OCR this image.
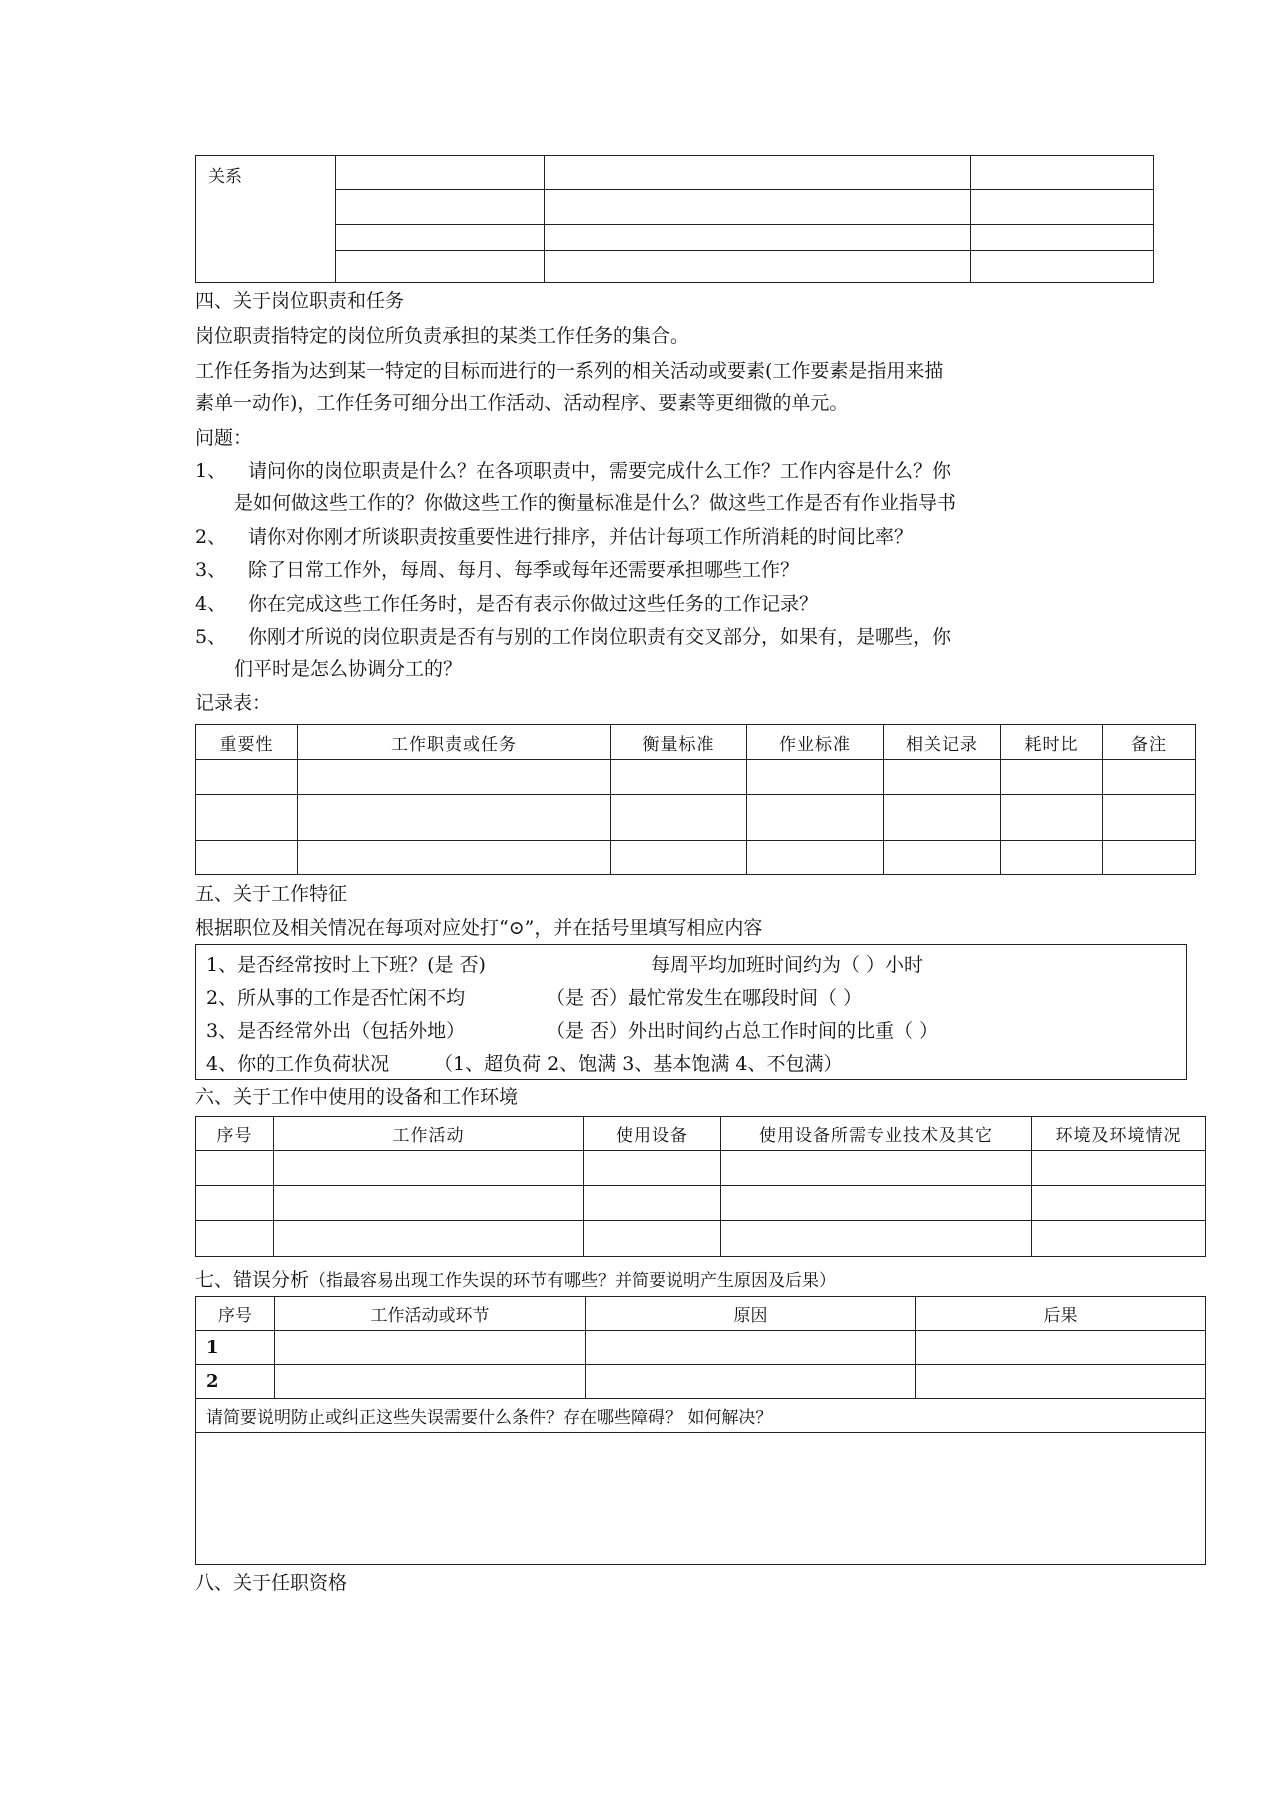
关系			

四、关于岗位职责和任务
岗位职责指特定的岗位所负责承担的某类工作任务的集合。
工作任务指为达到某一特定的目标而进行的一系列的相关活动或要素(工作要素是指用来描
素单一动作)，工作任务可细分出工作活动、活动程序、要素等更细微的单元。
问题：
1、 请问你的岗位职责是什么？在各项职责中，需要完成什么工作？工作内容是什么？你
是如何做这些工作的？你做这些工作的衡量标准是什么？做这些工作是否有作业指导书
2、 请你对你刚才所谈职责按重要性进行排序，并估计每项工作所消耗的时间比率？
3、 除了日常工作外，每周、每月、每季或每年还需要承担哪些工作？
4、 你在完成这些工作任务时，是否有表示你做过这些任务的工作记录？
5、 你刚才所说的岗位职责是否有与别的工作岗位职责有交叉部分，如果有，是哪些，你
们平时是怎么协调分工的？
记录表：
重要性	工作职责或任务	衡量标准	作业标准	相关记录	耗时比	备注

五、关于工作特征
根据职位及相关情况在每项对应处打“⊙”，并在括号里填写相应内容
1、是否经常按时上下班？(是 否)	每周平均加班时间约为（ ）小时
2、所从事的工作是否忙闲不均	（是 否）最忙常发生在哪段时间（ ）
3、是否经常外出（包括外地）	（是 否）外出时间约占总工作时间的比重（ ）
4、你的工作负荷状况 （1、超负荷 2、饱满 3、基本饱满 4、不包满）
六、关于工作中使用的设备和工作环境
序号	工作活动	使用设备	使用设备所需专业技术及其它	环境及环境情况

七、错误分析（指最容易出现工作失误的环节有哪些？并简要说明产生原因及后果）
序号	工作活动或环节	原因	后果
1			
2			
请简要说明防止或纠正这些失误需要什么条件？存在哪些障碍？ 如何解决？			

八、关于任职资格
